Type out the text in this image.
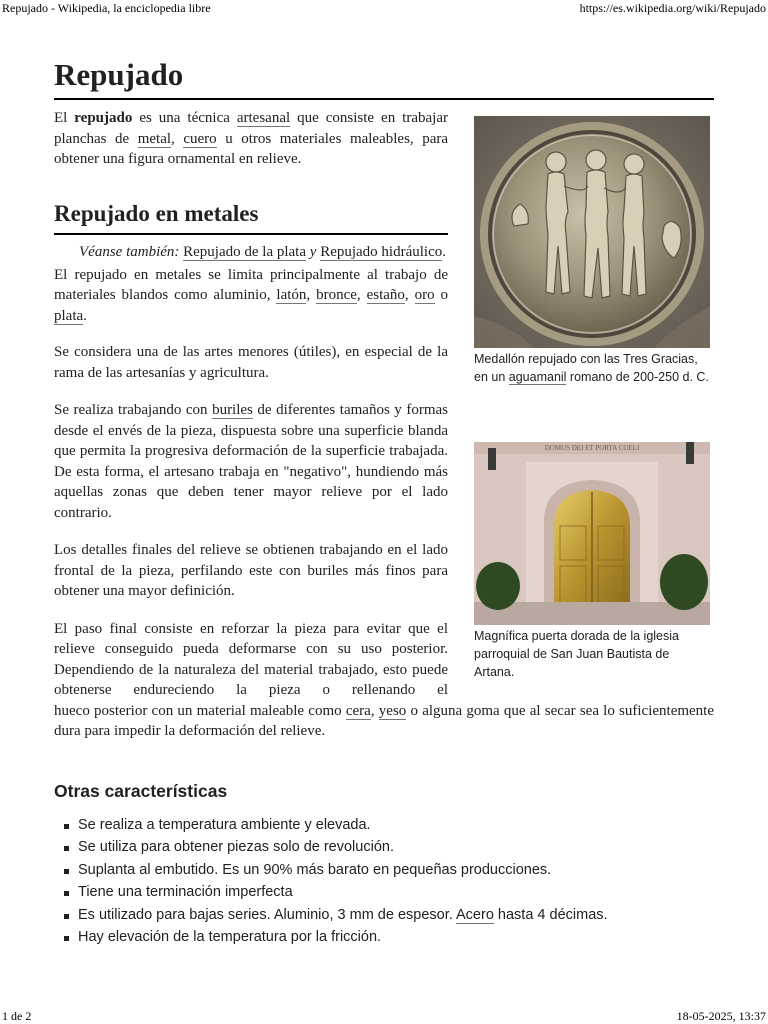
Repujado - Wikipedia, la enciclopedia libre	https://es.wikipedia.org/wiki/Repujado
Repujado

El repujado es una técnica artesanal que consiste en trabajar planchas de metal, cuero u otros materiales maleables, para obtener una figura ornamental en relieve.

Repujado en metales
Véanse también: Repujado de la plata y Repujado hidráulico.

El repujado en metales se limita principalmente al trabajo de materiales blandos como aluminio, latón, bronce, estaño, oro o plata.

Se considera una de las artes menores (útiles), en especial de la rama de las artesanías y agricultura.

Se realiza trabajando con buriles de diferentes tamaños y formas desde el envés de la pieza, dispuesta sobre una superficie blanda que permita la progresiva deformación de la superficie trabajada. De esta forma, el artesano trabaja en "negativo", hundiendo más aquellas zonas que deben tener mayor relieve por el lado contrario.

Los detalles finales del relieve se obtienen trabajando en el lado frontal de la pieza, perfilando este con buriles más finos para obtener una mayor definición.

El paso final consiste en reforzar la pieza para evitar que el relieve conseguido pueda deformarse con su uso posterior. Dependiendo de la naturaleza del material trabajado, esto puede obtenerse endureciendo la pieza o rellenando el

hueco posterior con un material maleable como cera, yeso o alguna goma que al secar sea lo suficientemente dura para impedir la deformación del relieve.

Otras características
Se realiza a temperatura ambiente y elevada.
Se utiliza para obtener piezas solo de revolución.
Suplanta al embutido. Es un 90% más barato en pequeñas producciones.
Tiene una terminación imperfecta
Es utilizado para bajas series. Aluminio, 3 mm de espesor. Acero hasta 4 décimas.
Hay elevación de la temperatura por la fricción.
Medallón repujado con las Tres Gracias, en un aguamanil romano de 200-250 d. C.
DOMUS DEI ET PORTA COELI
Magnífica puerta dorada de la iglesia parroquial de San Juan Bautista de Artana.
1 de 2	18-05-2025, 13:37
